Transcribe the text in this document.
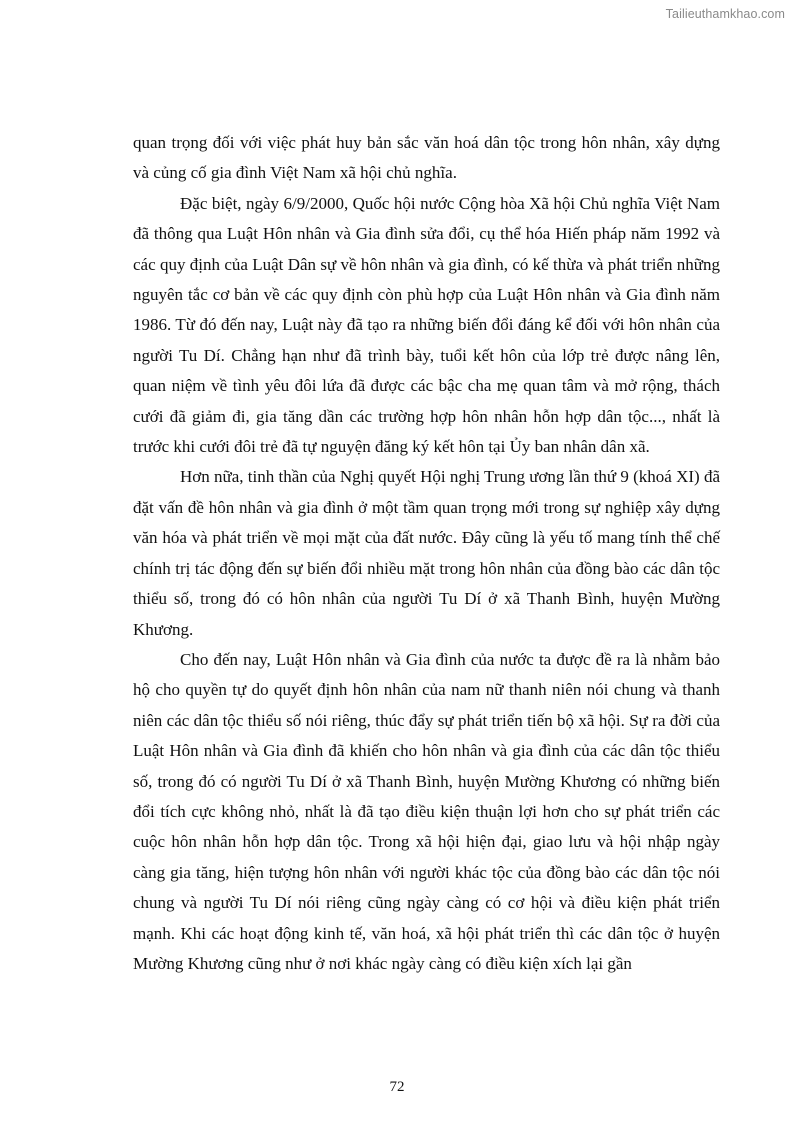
Tailieuthamkhao.com

quan trọng đối với việc phát huy bản sắc văn hoá dân tộc trong hôn nhân, xây dựng và củng cố gia đình Việt Nam xã hội chủ nghĩa.

Đặc biệt, ngày 6/9/2000, Quốc hội nước Cộng hòa Xã hội Chủ nghĩa Việt Nam đã thông qua Luật Hôn nhân và Gia đình sửa đổi, cụ thể hóa Hiến pháp năm 1992 và các quy định của Luật Dân sự về hôn nhân và gia đình, có kế thừa và phát triển những nguyên tắc cơ bản về các quy định còn phù hợp của Luật Hôn nhân và Gia đình năm 1986. Từ đó đến nay, Luật này đã tạo ra những biến đổi đáng kể đối với hôn nhân của người Tu Dí. Chẳng hạn như đã trình bày, tuổi kết hôn của lớp trẻ được nâng lên, quan niệm về tình yêu đôi lứa đã được các bậc cha mẹ quan tâm và mở rộng, thách cưới đã giảm đi, gia tăng dần các trường hợp hôn nhân hỗn hợp dân tộc..., nhất là trước khi cưới đôi trẻ đã tự nguyện đăng ký kết hôn tại Ủy ban nhân dân xã.

Hơn nữa, tinh thần của Nghị quyết Hội nghị Trung ương lần thứ 9 (khoá XI) đã đặt vấn đề hôn nhân và gia đình ở một tầm quan trọng mới trong sự nghiệp xây dựng văn hóa và phát triển về mọi mặt của đất nước. Đây cũng là yếu tố mang tính thể chế chính trị tác động đến sự biến đổi nhiều mặt trong hôn nhân của đồng bào các dân tộc thiểu số, trong đó có hôn nhân của người Tu Dí ở xã Thanh Bình, huyện Mường Khương.

Cho đến nay, Luật Hôn nhân và Gia đình của nước ta được đề ra là nhằm bảo hộ cho quyền tự do quyết định hôn nhân của nam nữ thanh niên nói chung và thanh niên các dân tộc thiểu số nói riêng, thúc đẩy sự phát triển tiến bộ xã hội. Sự ra đời của Luật Hôn nhân và Gia đình đã khiến cho hôn nhân và gia đình của các dân tộc thiểu số, trong đó có người Tu Dí ở xã Thanh Bình, huyện Mường Khương có những biến đổi tích cực không nhỏ, nhất là đã tạo điều kiện thuận lợi hơn cho sự phát triển các cuộc hôn nhân hỗn hợp dân tộc. Trong xã hội hiện đại, giao lưu và hội nhập ngày càng gia tăng, hiện tượng hôn nhân với người khác tộc của đồng bào các dân tộc nói chung và người Tu Dí nói riêng cũng ngày càng có cơ hội và điều kiện phát triển mạnh. Khi các hoạt động kinh tế, văn hoá, xã hội phát triển thì các dân tộc ở huyện Mường Khương cũng như ở nơi khác ngày càng có điều kiện xích lại gần

72
